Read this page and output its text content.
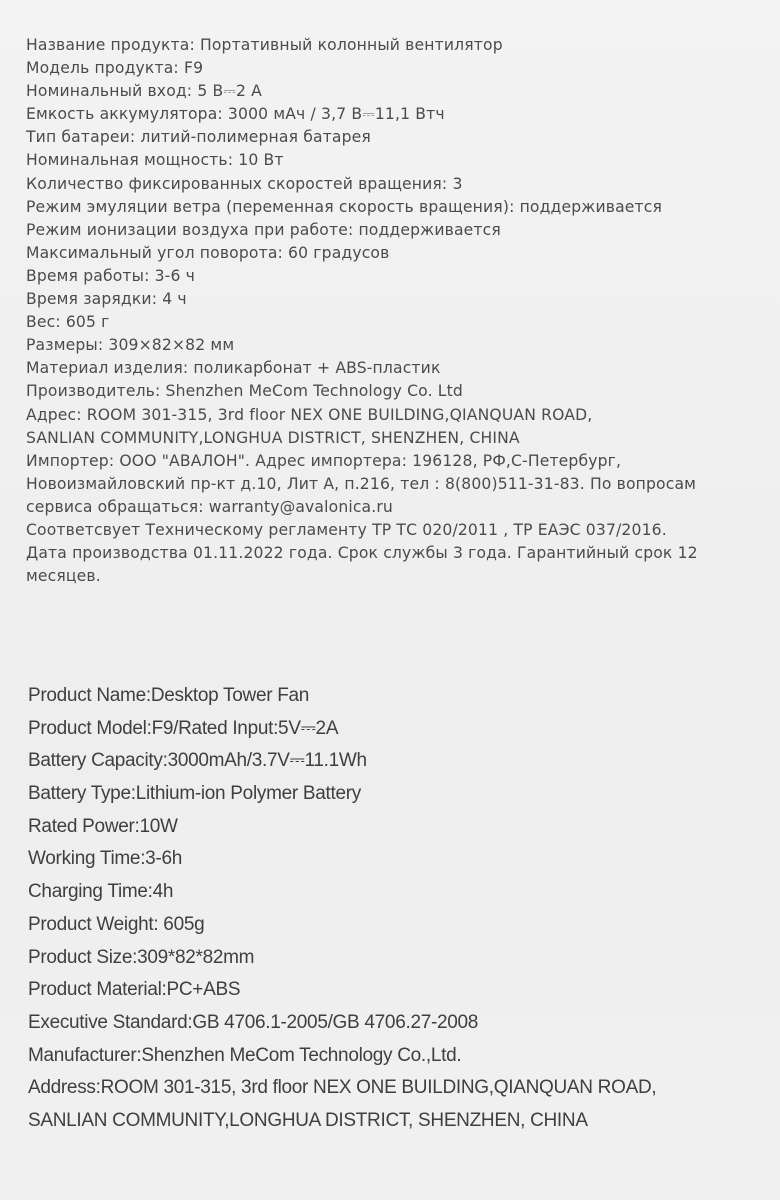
Название продукта: Портативный колонный вентилятор
Модель продукта: F9
Номинальный вход: 5 В⎓2 А
Емкость аккумулятора: 3000 мАч / 3,7 В⎓11,1 Втч
Тип батареи: литий-полимерная батарея
Номинальная мощность: 10 Вт
Количество фиксированных скоростей вращения: 3
Режим эмуляции ветра (переменная скорость вращения): поддерживается
Режим ионизации воздуха при работе: поддерживается
Максимальный угол поворота: 60 градусов
Время работы: 3-6 ч
Время зарядки: 4 ч
Вес: 605 г
Размеры: 309×82×82 мм
Материал изделия: поликарбонат + ABS-пластик
Производитель: Shenzhen MeCom Technology Co. Ltd
Адрес: ROOM 301-315, 3rd floor NEX ONE BUILDING,QIANQUAN ROAD,
SANLIAN COMMUNITY,LONGHUA DISTRICT, SHENZHEN, CHINA
Импортер: ООО "АВАЛОН". Адрес импортера: 196128, РФ,С-Петербург,
Новоизмайловский пр-кт д.10, Лит А, п.216, тел : 8(800)511-31-83. По вопросам
сервиса обращаться: warranty@avalonica.ru
Соответсвует Техническому регламенту ТР ТС 020/2011 , ТР ЕАЭС 037/2016.
Дата производства 01.11.2022 года. Срок службы 3 года. Гарантийный срок 12
месяцев.
Product Name:Desktop Tower Fan
Product Model:F9/Rated Input:5V⎓2A
Battery Capacity:3000mAh/3.7V⎓11.1Wh
Battery Type:Lithium-ion Polymer Battery
Rated Power:10W
Working Time:3-6h
Charging Time:4h
Product Weight: 605g
Product Size:309*82*82mm
Product Material:PC+ABS
Executive Standard:GB 4706.1-2005/GB 4706.27-2008
Manufacturer:Shenzhen MeCom Technology Co.,Ltd.
Address:ROOM 301-315, 3rd floor NEX ONE BUILDING,QIANQUAN ROAD,
SANLIAN COMMUNITY,LONGHUA DISTRICT, SHENZHEN, CHINA
